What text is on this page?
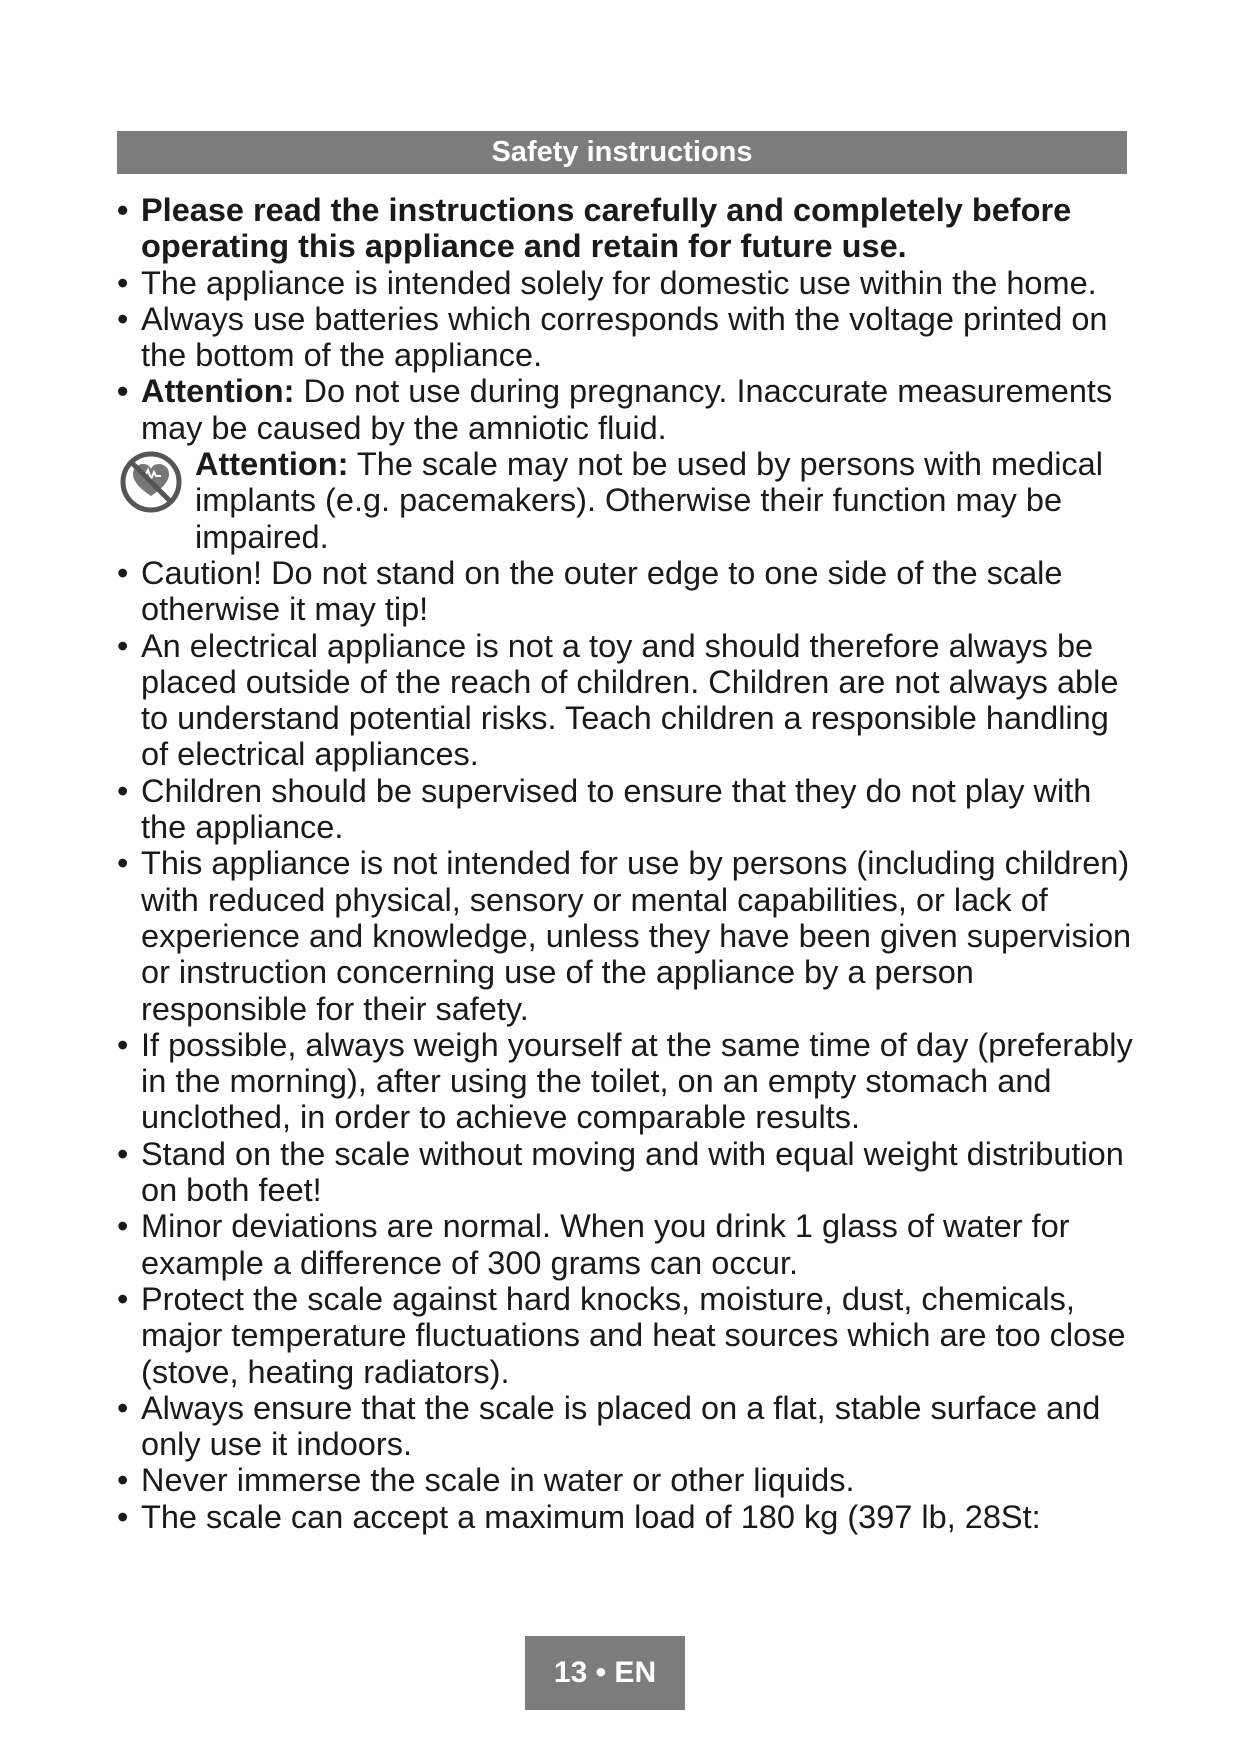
Safety instructions
• Please read the instructions carefully and completely before operating this appliance and retain for future use.
• The appliance is intended solely for domestic use within the home.
• Always use batteries which corresponds with the voltage printed on the bottom of the appliance.
• Attention: Do not use during pregnancy. Inaccurate measurements may be caused by the amniotic fluid.
Attention: The scale may not be used by persons with medical implants (e.g. pacemakers). Otherwise their function may be impaired.
• Caution! Do not stand on the outer edge to one side of the scale otherwise it may tip!
• An electrical appliance is not a toy and should therefore always be placed outside of the reach of children. Children are not always able to understand potential risks. Teach children a responsible handling of electrical appliances.
• Children should be supervised to ensure that they do not play with the appliance.
• This appliance is not intended for use by persons (including children) with reduced physical, sensory or mental capabilities, or lack of experience and knowledge, unless they have been given supervision or instruction concerning use of the appliance by a person responsible for their safety.
• If possible, always weigh yourself at the same time of day (preferably in the morning), after using the toilet, on an empty stomach and unclothed, in order to achieve comparable results.
• Stand on the scale without moving and with equal weight distribution on both feet!
• Minor deviations are normal. When you drink 1 glass of water for example a difference of 300 grams can occur.
• Protect the scale against hard knocks, moisture, dust, chemicals, major temperature fluctuations and heat sources which are too close (stove, heating radiators).
• Always ensure that the scale is placed on a flat, stable surface and only use it indoors.
• Never immerse the scale in water or other liquids.
• The scale can accept a maximum load of 180 kg (397 lb, 28St:
13 • EN
